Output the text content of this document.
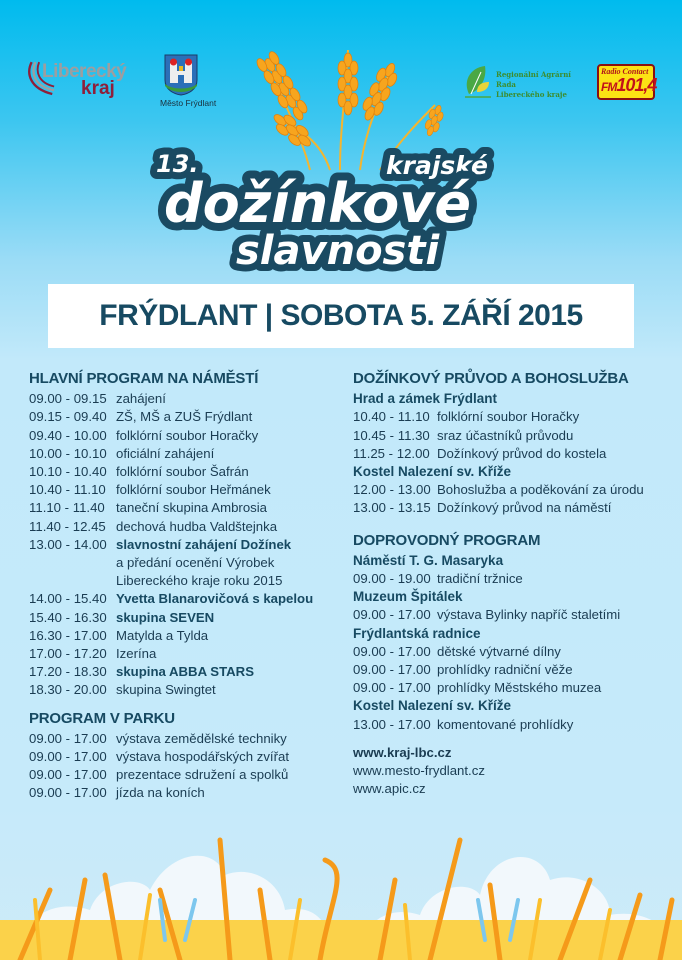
Liberecký
kraj
Město Frýdlant
Regionální Agrární Rada
Libereckého kraje
Radio Contact
FM101,4
13.	krajské
dožínkové
slavnosti
FRÝDLANT | SOBOTA 5. ZÁŘÍ 2015
HLAVNÍ PROGRAM NA NÁMĚSTÍ
09.00 - 09.15 zahájení
09.15 - 09.40 ZŠ, MŠ a ZUŠ Frýdlant
09.40 - 10.00 folklórní soubor Horačky
10.00 - 10.10 oficiální zahájení
10.10 - 10.40 folklórní soubor Šafrán
10.40 - 11.10 folklórní soubor Heřmánek
11.10 - 11.40 taneční skupina Ambrosia
11.40 - 12.45 dechová hudba Valdštejnka
13.00 - 14.00 slavnostní zahájení Dožínek
a předání ocenění Výrobek
Libereckého kraje roku 2015
14.00 - 15.40 Yvetta Blanarovičová s kapelou
15.40 - 16.30 skupina SEVEN
16.30 - 17.00 Matylda a Tylda
17.00 - 17.20 Izerína
17.20 - 18.30 skupina ABBA STARS
18.30 - 20.00 skupina Swingtet
PROGRAM V PARKU
09.00 - 17.00 výstava zemědělské techniky
09.00 - 17.00 výstava hospodářských zvířat
09.00 - 17.00 prezentace sdružení a spolků
09.00 - 17.00 jízda na koních
DOŽÍNKOVÝ PRŮVOD A BOHOSLUŽBA
Hrad a zámek Frýdlant
10.40 - 11.10 folklórní soubor Horačky
10.45 - 11.30 sraz účastníků průvodu
11.25 - 12.00 Dožínkový průvod do kostela
Kostel Nalezení sv. Kříže
12.00 - 13.00 Bohoslužba a poděkování za úrodu
13.00 - 13.15 Dožínkový průvod na náměstí
DOPROVODNÝ PROGRAM
Náměstí T. G. Masaryka
09.00 - 19.00 tradiční tržnice
Muzeum Špitálek
09.00 - 17.00 výstava Bylinky napříč staletími
Frýdlantská radnice
09.00 - 17.00 dětské výtvarné dílny
09.00 - 17.00 prohlídky radniční věže
09.00 - 17.00 prohlídky Městského muzea
Kostel Nalezení sv. Kříže
13.00 - 17.00 komentované prohlídky
www.kraj-lbc.cz
www.mesto-frydlant.cz
www.apic.cz
